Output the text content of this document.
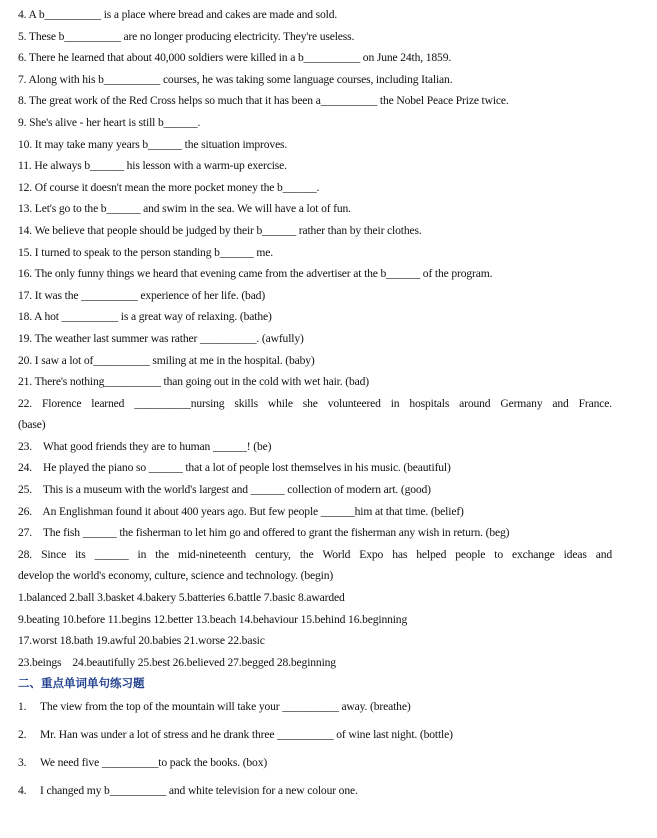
4. A b__________ is a place where bread and cakes are made and sold.
5. These b__________ are no longer producing electricity. They're useless.
6. There he learned that about 40,000 soldiers were killed in a b__________ on June 24th, 1859.
7. Along with his b__________ courses, he was taking some language courses, including Italian.
8. The great work of the Red Cross helps so much that it has been a__________ the Nobel Peace Prize twice.
9. She's alive - her heart is still b______.
10. It may take many years b______ the situation improves.
11. He always b______ his lesson with a warm-up exercise.
12. Of course it doesn't mean the more pocket money the b______.
13. Let's go to the b______ and swim in the sea. We will have a lot of fun.
14. We believe that people should be judged by their b______ rather than by their clothes.
15. I turned to speak to the person standing b______ me.
16. The only funny things we heard that evening came from the advertiser at the b______ of the program.
17. It was the __________ experience of her life. (bad)
18. A hot __________ is a great way of relaxing. (bathe)
19. The weather last summer was rather __________. (awfully)
20. I saw a lot of__________ smiling at me in the hospital. (baby)
21. There's nothing__________ than going out in the cold with wet hair. (bad)
22. Florence learned __________nursing skills while she volunteered in hospitals around Germany and France.
(base)
23.    What good friends they are to human ______! (be)
24.    He played the piano so ______ that a lot of people lost themselves in his music. (beautiful)
25.    This is a museum with the world's largest and ______ collection of modern art. (good)
26.    An Englishman found it about 400 years ago. But few people ______him at that time. (belief)
27.    The fish ______ the fisherman to let him go and offered to grant the fisherman any wish in return. (beg)
28. Since its ______ in the mid-nineteenth century, the World Expo has helped people to exchange ideas and
develop the world's economy, culture, science and technology. (begin)
1.balanced 2.ball 3.basket 4.bakery 5.batteries 6.battle 7.basic 8.awarded
9.beating 10.before 11.begins 12.better 13.beach 14.behaviour 15.behind 16.beginning
17.worst 18.bath 19.awful 20.babies 21.worse 22.basic
23.beings    24.beautifully 25.best 26.believed 27.begged 28.beginning
二、重点单词单句练习题
1. The view from the top of the mountain will take your __________ away. (breathe)
2. Mr. Han was under a lot of stress and he drank three __________ of wine last night. (bottle)
3. We need five __________to pack the books. (box)
4. I changed my b__________ and white television for a new colour one.
